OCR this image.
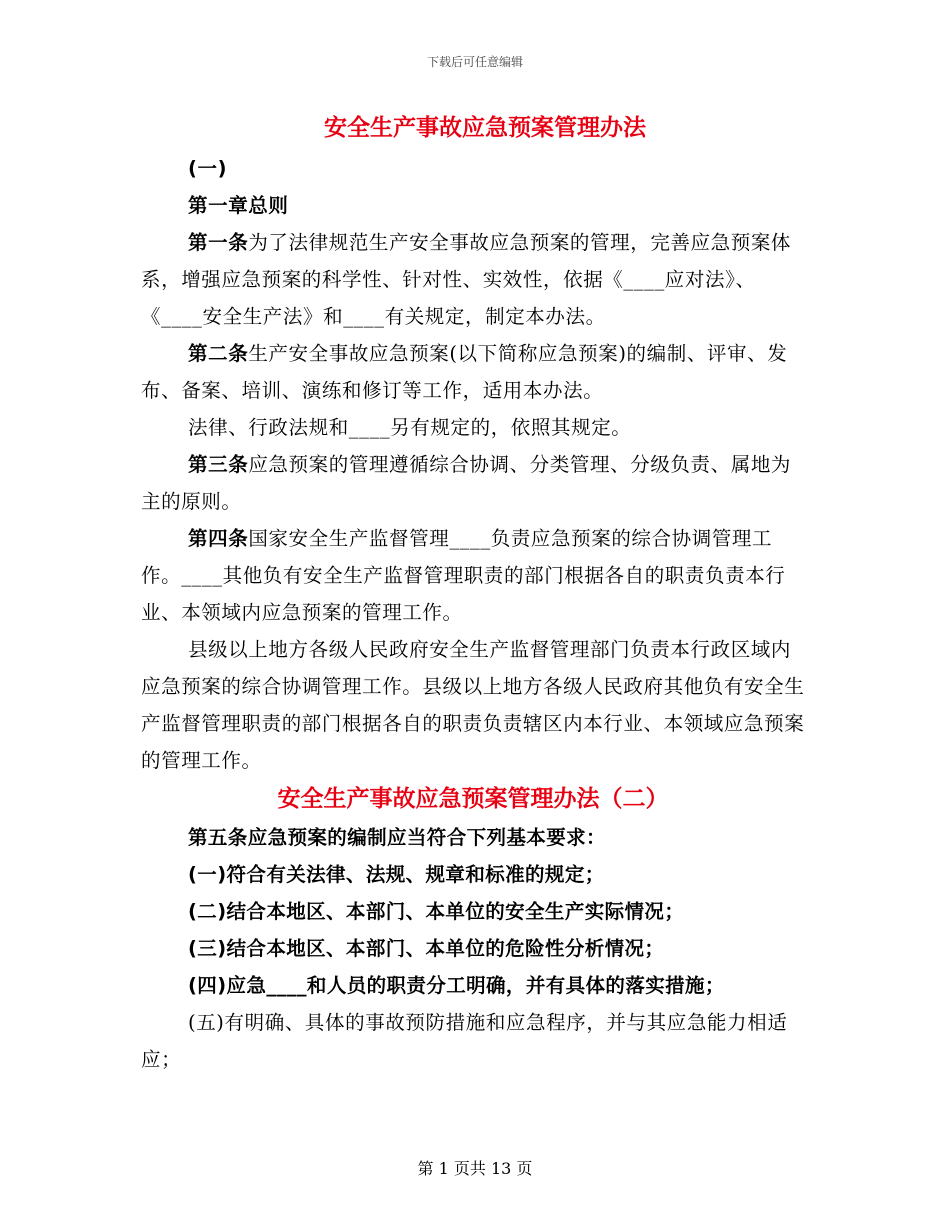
下载后可任意编辑
安全生产事故应急预案管理办法

(一)

第一章总则

第一条为了法律规范生产安全事故应急预案的管理，完善应急预案体系，增强应急预案的科学性、针对性、实效性，依据《____应对法》、《____安全生产法》和____有关规定，制定本办法。

第二条生产安全事故应急预案(以下简称应急预案)的编制、评审、发布、备案、培训、演练和修订等工作，适用本办法。

法律、行政法规和____另有规定的，依照其规定。

第三条应急预案的管理遵循综合协调、分类管理、分级负责、属地为主的原则。

第四条国家安全生产监督管理____负责应急预案的综合协调管理工作。____其他负有安全生产监督管理职责的部门根据各自的职责负责本行业、本领域内应急预案的管理工作。

县级以上地方各级人民政府安全生产监督管理部门负责本行政区域内应急预案的综合协调管理工作。县级以上地方各级人民政府其他负有安全生产监督管理职责的部门根据各自的职责负责辖区内本行业、本领域应急预案的管理工作。

安全生产事故应急预案管理办法（二）

第五条应急预案的编制应当符合下列基本要求：

(一)符合有关法律、法规、规章和标准的规定；

(二)结合本地区、本部门、本单位的安全生产实际情况；

(三)结合本地区、本部门、本单位的危险性分析情况；

(四)应急____和人员的职责分工明确，并有具体的落实措施；

(五)有明确、具体的事故预防措施和应急程序，并与其应急能力相适应；

第 1 页共 13 页
